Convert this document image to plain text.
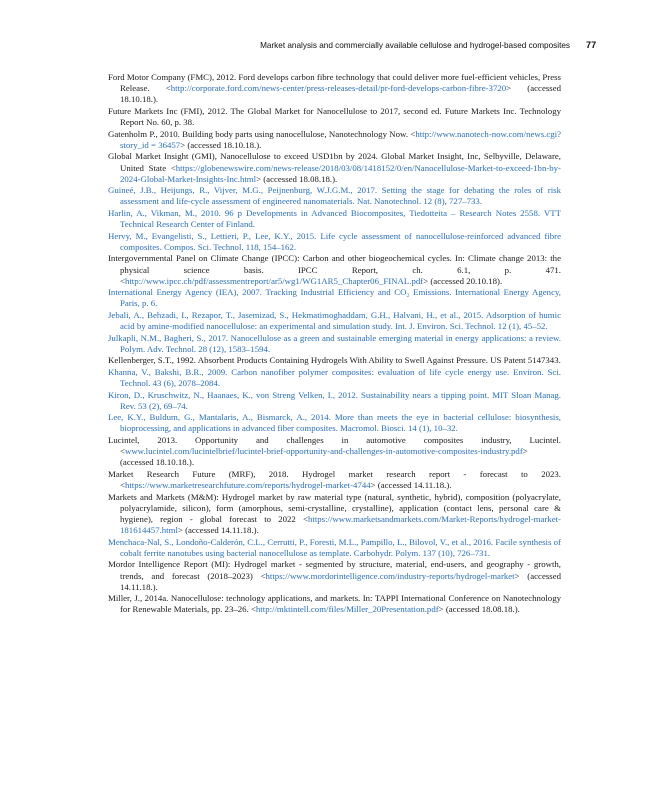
Market analysis and commercially available cellulose and hydrogel-based composites 77

Ford Motor Company (FMC), 2012. Ford develops carbon fibre technology that could deliver more fuel-efficient vehicles, Press Release. <http://corporate.ford.com/news-center/press-releases-detail/pr-ford-develops-carbon-fibre-3720> (accessed 18.10.18.).

Future Markets Inc (FMI), 2012. The Global Market for Nanocellulose to 2017, second ed. Future Markets Inc. Technology Report No. 60, p. 38.

Gatenholm P., 2010. Building body parts using nanocellulose, Nanotechnology Now. <http://www.nanotech-now.com/news.cgi?story_id = 36457> (accessed 18.10.18.).

Global Market Insight (GMI), Nanocellulose to exceed USD1bn by 2024. Global Market Insight, Inc, Selbyville, Delaware, United State <https://globenewswire.com/news-release/2018/03/08/1418152/0/en/Nanocellulose-Market-to-exceed-1bn-by-2024-Global-Market-Insights-Inc.html> (accessed 18.08.18.).

Guineé, J.B., Heijungs, R., Vijver, M.G., Peijnenburg, W.J.G.M., 2017. Setting the stage for debating the roles of risk assessment and life-cycle assessment of engineered nanomaterials. Nat. Nanotechnol. 12 (8), 727–733.

Harlin, A., Vikman, M., 2010. 96 p Developments in Advanced Biocomposites, Tiedotteita – Research Notes 2558. VTT Technical Research Center of Finland.

Hervy, M., Evangelisti, S., Lettieri, P., Lee, K.Y., 2015. Life cycle assessment of nanocellulose-reinforced advanced fibre composites. Compos. Sci. Technol. 118, 154–162.

Intergovernmental Panel on Climate Change (IPCC): Carbon and other biogeochemical cycles. In: Climate change 2013: the physical science basis. IPCC Report, ch. 6.1, p. 471. <http://www.ipcc.ch/pdf/assessmentreport/ar5/wg1/WG1AR5_Chapter06_FINAL.pdf> (accessed 20.10.18).

International Energy Agency (IEA), 2007. Tracking Industrial Efficiency and CO₂ Emissions. International Energy Agency, Paris, p. 6.

Jebali, A., Behzadi, I., Rezapor, T., Jasemizad, S., Hekmatimoghaddam, G.H., Halvani, H., et al., 2015. Adsorption of humic acid by amine-modified nanocellulose: an experimental and simulation study. Int. J. Environ. Sci. Technol. 12 (1), 45–52.

Julkapli, N.M., Bagheri, S., 2017. Nanocellulose as a green and sustainable emerging material in energy applications: a review. Polym. Adv. Technol. 28 (12), 1583–1594.

Kellenberger, S.T., 1992. Absorbent Products Containing Hydrogels With Ability to Swell Against Pressure. US Patent 5147343.

Khanna, V., Bakshi, B.R., 2009. Carbon nanofiber polymer composites: evaluation of life cycle energy use. Environ. Sci. Technol. 43 (6), 2078–2084.

Kiron, D., Kruschwitz, N., Haanaes, K., von Streng Velken, I., 2012. Sustainability nears a tipping point. MIT Sloan Manag. Rev. 53 (2), 69–74.

Lee, K.Y., Buldum, G., Mantalaris, A., Bismarck, A., 2014. More than meets the eye in bacterial cellulose: biosynthesis, bioprocessing, and applications in advanced fiber composites. Macromol. Biosci. 14 (1), 10–32.

Lucintel, 2013. Opportunity and challenges in automotive composites industry, Lucintel. <www.lucintel.com/lucintelbrief/lucintel-brief-opportunity-and-challenges-in-automotive-composites-industry.pdf> (accessed 18.10.18.).

Market Research Future (MRF), 2018. Hydrogel market research report - forecast to 2023. <https://www.marketresearchfuture.com/reports/hydrogel-market-4744> (accessed 14.11.18.).

Markets and Markets (M&M): Hydrogel market by raw material type (natural, synthetic, hybrid), composition (polyacrylate, polyacrylamide, silicon), form (amorphous, semi-crystalline, crystalline), application (contact lens, personal care & hygiene), region - global forecast to 2022 <https://www.marketsandmarkets.com/Market-Reports/hydrogel-market-181614457.html> (accessed 14.11.18.).

Menchaca-Nal, S., Londoño-Calderón, C.L., Cerrutti, P., Foresti, M.L., Pampillo, L., Bilovol, V., et al., 2016. Facile synthesis of cobalt ferrite nanotubes using bacterial nanocellulose as template. Carbohydr. Polym. 137 (10), 726–731.

Mordor Intelligence Report (MI): Hydrogel market - segmented by structure, material, end-users, and geography - growth, trends, and forecast (2018–2023) <https://www.mordorintelligence.com/industry-reports/hydrogel-market> (accessed 14.11.18.).

Miller, J., 2014a. Nanocellulose: technology applications, and markets. In: TAPPI International Conference on Nanotechnology for Renewable Materials, pp. 23–26. <http://mktintell.com/files/Miller_20Presentation.pdf> (accessed 18.08.18.).
